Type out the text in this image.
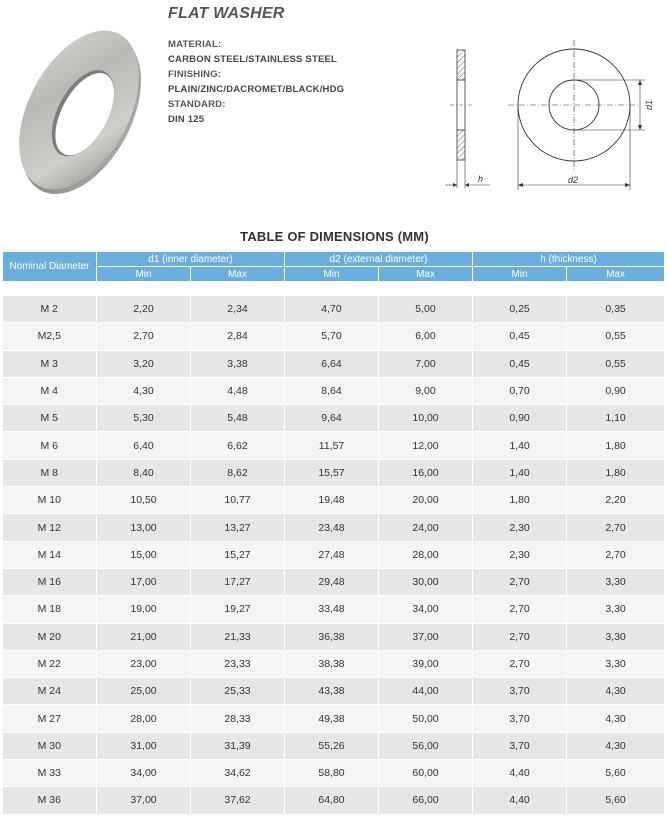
FLAT WASHER
MATERIAL:
CARBON STEEL/STAINLESS STEEL
FINISHING:
PLAIN/ZINC/DACROMET/BLACK/HDG
STANDARD:
DIN 125
h
d1
d2
TABLE OF DIMENSIONS (MM)
Nominal Diameter	d1 (inner diameter)		d2 (external diameter)		h (thickness)	
	Min	Max	Min	Max	Min	Max

M 2	2,20	2,34	4,70	5,00	0,25	0,35
M2,5	2,70	2,84	5,70	6,00	0,45	0,55
M 3	3,20	3,38	6,64	7,00	0,45	0,55
M 4	4,30	4,48	8,64	9,00	0,70	0,90
M 5	5,30	5,48	9,64	10,00	0,90	1,10
M 6	6,40	6,62	11,57	12,00	1,40	1,80
M 8	8,40	8,62	15,57	16,00	1,40	1,80
M 10	10,50	10,77	19,48	20,00	1,80	2,20
M 12	13,00	13,27	23,48	24,00	2,30	2,70
M 14	15,00	15,27	27,48	28,00	2,30	2,70
M 16	17,00	17,27	29,48	30,00	2,70	3,30
M 18	19,00	19,27	33,48	34,00	2,70	3,30
M 20	21,00	21,33	36,38	37,00	2,70	3,30
M 22	23,00	23,33	38,38	39,00	2,70	3,30
M 24	25,00	25,33	43,38	44,00	3,70	4,30
M 27	28,00	28,33	49,38	50,00	3,70	4,30
M 30	31,00	31,39	55,26	56,00	3,70	4,30
M 33	34,00	34,62	58,80	60,00	4,40	5,60
M 36	37,00	37,62	64,80	66,00	4,40	5,60
